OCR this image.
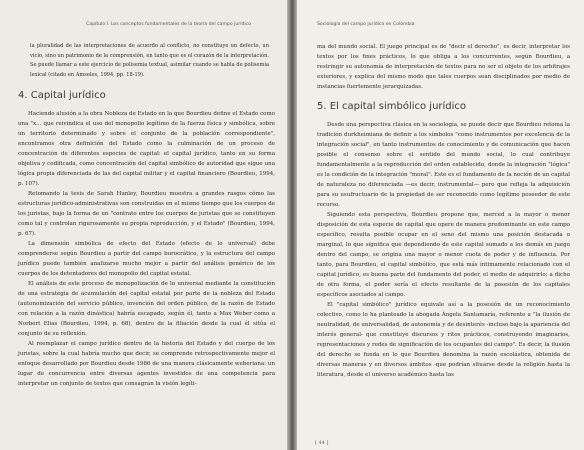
Capítulo I. Los conceptos fundamentales de la teoría del campo jurídico

la pluralidad de las interpretaciones de acuerdo al conflicto, no constituye un defecto, un vicio, sino un patrimonio de la comprensión, en tanto que es el corazón de la interpretación. Se puede llamar a este ejercicio de polisemia textual, asimilar cuando se habla de polisemia lexical (citado en Amseles, 1994, pp. 18-19).

4. Capital jurídico

Haciendo alusión a la obra Nobleza de Estado en la que Bourdieu define el Estado como una "x... que reivindica el uso del monopolio legítimo de la fuerza física y simbólica, sobre un territorio determinado y sobre el conjunto de la población correspondiente", encontramos otra definición del Estado como la culminación de un proceso de concentración de diferentes especies de capital: el capital jurídico, tanto en su forma objetiva y codificada, como concentración del capital simbólico de autoridad que sigue una lógica propia diferenciada de las del capital militar y el capital financiero (Bourdieu, 1994, p. 107).

Retomando la tesis de Sarah Hanley, Bourdieu muestra a grandes rasgos cómo las estructuras jurídico-administrativas son construidas en el mismo tiempo que los cuerpos de los juristas, bajo la forma de un "contrato entre los cuerpos de juristas que se constituyen como tal y controlan rigurosamente su propia reproducción, y el Estado" (Bourdieu, 1994, p. 67).

La dimensión simbólica de efecto del Estado (efecto de lo universal) debe comprenderse según Bourdieu a partir del campo burocrático, y la estructura del campo jurídico puede también analizarse mucho mejor a partir del análisis genérico de los cuerpos de los detentadores del monopolio del capital estatal.

El análisis de este proceso de monopolización de lo universal mediante la constitución de una estrategia de acumulación del capital estatal por parte de la nobleza del Estado (autonomización del servicio público, invención del orden público, de la razón de Estado con relación a la razón dinástica) habría escapado, según él, tanto a Max Weber como a Norbert Elias (Bourdieu, 1994, p. 68), dentro de la filiación desde la cual él sitúa el conjunto de su reflexión.

Al reemplazar el campo jurídico dentro de la historia del Estado y del cuerpo de los juristas, sobre la cual habría mucho que decir, se comprende retrospectivamente mejor el enfoque desarrollado por Bourdieu desde 1986 de una manera clásicamente weberiana: un lugar de concurrencia entre diversas agentes investidos de una competencia para interpretar un conjunto de textos que consagran la visión legíti-

Sociología del campo jurídico en Colombia

ma del mundo social. El juego principal es de "decir el derecho", es decir, interpretar los textos por los fines prácticos, lo que obliga a los concurrentes, según Bourdieu, a restringir su autonomía de interpretación de textos para no ser el objeto de los arbitrajes exteriores, y explica del mismo modo que tales cuerpos sean disciplinados por medio de instancias fuertemente jerarquizadas.

5. El capital simbólico jurídico

Desde una perspectiva clásica en la sociología, se puede decir que Bourdieu retoma la tradición durkheimiana de definir a los símbolos "como instrumentos por excelencia de la integración social", en tanto instrumentos de conocimiento y de comunicación que hacen posible el consenso sobre el sentido del mundo social, lo cual contribuye fundamentalmente a la reproducción del orden establecido, donde la integración "lógica" es la condición de la integración "moral". Este es el fundamento de la noción de un capital de naturaleza no diferenciada —es decir, instrumental— pero que refleja la adquisición para su usufructuario de la propiedad de ser reconocido como legítimo poseedor de este recurso.

Siguiendo esta perspectiva, Bourdieu propone que, merced a la mayor o menor disposición de esta especie de capital que opere de manera predominante en este campo específico, resulta posible ocupar en el seno del mismo una posición destacada o marginal, lo que significa que dependiendo de este capital sumado a los demás en juego dentro del campo, se origina una mayor o menor cuota de poder y de influencia. Por tanto, para Bourdieu, el capital simbólico, que está más íntimamente relacionado con el capital jurídico, es buena parte del fundamento del poder, el medio de adquirirlo; a dicho de otra forma, el poder sería el efecto resultante de la posesión de los capitales específicos asociados al campo.

El "capital simbólico" jurídico equivale así a la posesión de un reconocimiento colectivo, como lo ha planteado la abogada Ángela Santamaría, referente a "la ilusión de neutralidad, de universalidad, de autonomía y de desinterés -incluso bajo la apariencia del interés general- que constituye discursos y ritos prácticos, construyendo imaginarios, representaciones y redes de significación de los ocupantes del campo". Es decir, la ilusión del derecho se funda en lo que Bourdieu denomina la razón escolástica, obtenida de diversas maneras y en diversos ámbitos -que podrían situarse desde la religión hasta la literatura, desde el universo académico hasta las

[ 44 ]
